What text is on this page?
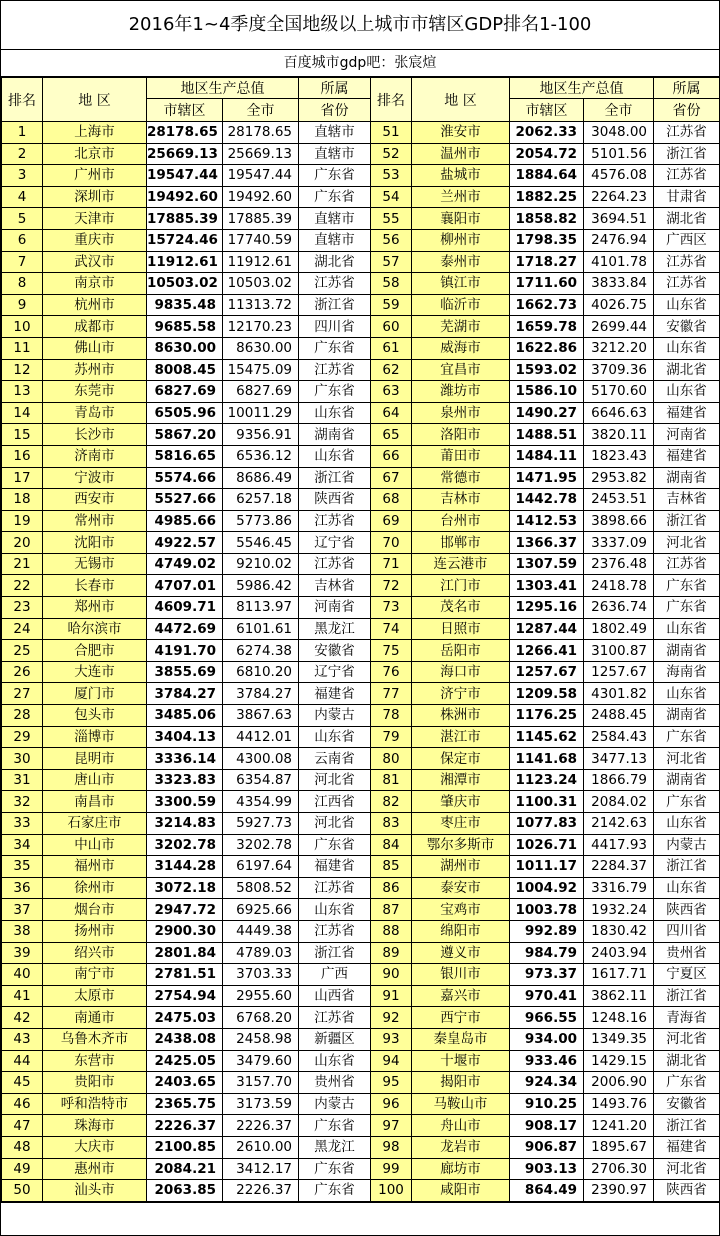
2016年1~4季度全国地级以上城市市辖区GDP排名1-100
百度城市gdp吧：张宸煊
排名	地 区	地区生产总值		所属	排名	地 区	地区生产总值		所属
		市辖区	全市	省份			市辖区	全市	省份
1	上海市	28178.65	28178.65	直辖市	51	淮安市	2062.33	3048.00	江苏省
2	北京市	25669.13	25669.13	直辖市	52	温州市	2054.72	5101.56	浙江省
3	广州市	19547.44	19547.44	广东省	53	盐城市	1884.64	4576.08	江苏省
4	深圳市	19492.60	19492.60	广东省	54	兰州市	1882.25	2264.23	甘肃省
5	天津市	17885.39	17885.39	直辖市	55	襄阳市	1858.82	3694.51	湖北省
6	重庆市	15724.46	17740.59	直辖市	56	柳州市	1798.35	2476.94	广西区
7	武汉市	11912.61	11912.61	湖北省	57	泰州市	1718.27	4101.78	江苏省
8	南京市	10503.02	10503.02	江苏省	58	镇江市	1711.60	3833.84	江苏省
9	杭州市	9835.48	11313.72	浙江省	59	临沂市	1662.73	4026.75	山东省
10	成都市	9685.58	12170.23	四川省	60	芜湖市	1659.78	2699.44	安徽省
11	佛山市	8630.00	8630.00	广东省	61	威海市	1622.86	3212.20	山东省
12	苏州市	8008.45	15475.09	江苏省	62	宜昌市	1593.02	3709.36	湖北省
13	东莞市	6827.69	6827.69	广东省	63	潍坊市	1586.10	5170.60	山东省
14	青岛市	6505.96	10011.29	山东省	64	泉州市	1490.27	6646.63	福建省
15	长沙市	5867.20	9356.91	湖南省	65	洛阳市	1488.51	3820.11	河南省
16	济南市	5816.65	6536.12	山东省	66	莆田市	1484.11	1823.43	福建省
17	宁波市	5574.66	8686.49	浙江省	67	常德市	1471.95	2953.82	湖南省
18	西安市	5527.66	6257.18	陕西省	68	吉林市	1442.78	2453.51	吉林省
19	常州市	4985.66	5773.86	江苏省	69	台州市	1412.53	3898.66	浙江省
20	沈阳市	4922.57	5546.45	辽宁省	70	邯郸市	1366.37	3337.09	河北省
21	无锡市	4749.02	9210.02	江苏省	71	连云港市	1307.59	2376.48	江苏省
22	长春市	4707.01	5986.42	吉林省	72	江门市	1303.41	2418.78	广东省
23	郑州市	4609.71	8113.97	河南省	73	茂名市	1295.16	2636.74	广东省
24	哈尔滨市	4472.69	6101.61	黑龙江	74	日照市	1287.44	1802.49	山东省
25	合肥市	4191.70	6274.38	安徽省	75	岳阳市	1266.41	3100.87	湖南省
26	大连市	3855.69	6810.20	辽宁省	76	海口市	1257.67	1257.67	海南省
27	厦门市	3784.27	3784.27	福建省	77	济宁市	1209.58	4301.82	山东省
28	包头市	3485.06	3867.63	内蒙古	78	株洲市	1176.25	2488.45	湖南省
29	淄博市	3404.13	4412.01	山东省	79	湛江市	1145.62	2584.43	广东省
30	昆明市	3336.14	4300.08	云南省	80	保定市	1141.68	3477.13	河北省
31	唐山市	3323.83	6354.87	河北省	81	湘潭市	1123.24	1866.79	湖南省
32	南昌市	3300.59	4354.99	江西省	82	肇庆市	1100.31	2084.02	广东省
33	石家庄市	3214.83	5927.73	河北省	83	枣庄市	1077.83	2142.63	山东省
34	中山市	3202.78	3202.78	广东省	84	鄂尔多斯市	1026.71	4417.93	内蒙古
35	福州市	3144.28	6197.64	福建省	85	湖州市	1011.17	2284.37	浙江省
36	徐州市	3072.18	5808.52	江苏省	86	泰安市	1004.92	3316.79	山东省
37	烟台市	2947.72	6925.66	山东省	87	宝鸡市	1003.78	1932.24	陕西省
38	扬州市	2900.30	4449.38	江苏省	88	绵阳市	992.89	1830.42	四川省
39	绍兴市	2801.84	4789.03	浙江省	89	遵义市	984.79	2403.94	贵州省
40	南宁市	2781.51	3703.33	广西	90	银川市	973.37	1617.71	宁夏区
41	太原市	2754.94	2955.60	山西省	91	嘉兴市	970.41	3862.11	浙江省
42	南通市	2475.03	6768.20	江苏省	92	西宁市	966.55	1248.16	青海省
43	乌鲁木齐市	2438.08	2458.98	新疆区	93	秦皇岛市	934.00	1349.35	河北省
44	东营市	2425.05	3479.60	山东省	94	十堰市	933.46	1429.15	湖北省
45	贵阳市	2403.65	3157.70	贵州省	95	揭阳市	924.34	2006.90	广东省
46	呼和浩特市	2365.75	3173.59	内蒙古	96	马鞍山市	910.25	1493.76	安徽省
47	珠海市	2226.37	2226.37	广东省	97	舟山市	908.17	1241.20	浙江省
48	大庆市	2100.85	2610.00	黑龙江	98	龙岩市	906.87	1895.67	福建省
49	惠州市	2084.21	3412.17	广东省	99	廊坊市	903.13	2706.30	河北省
50	汕头市	2063.85	2226.37	广东省	100	咸阳市	864.49	2390.97	陕西省
